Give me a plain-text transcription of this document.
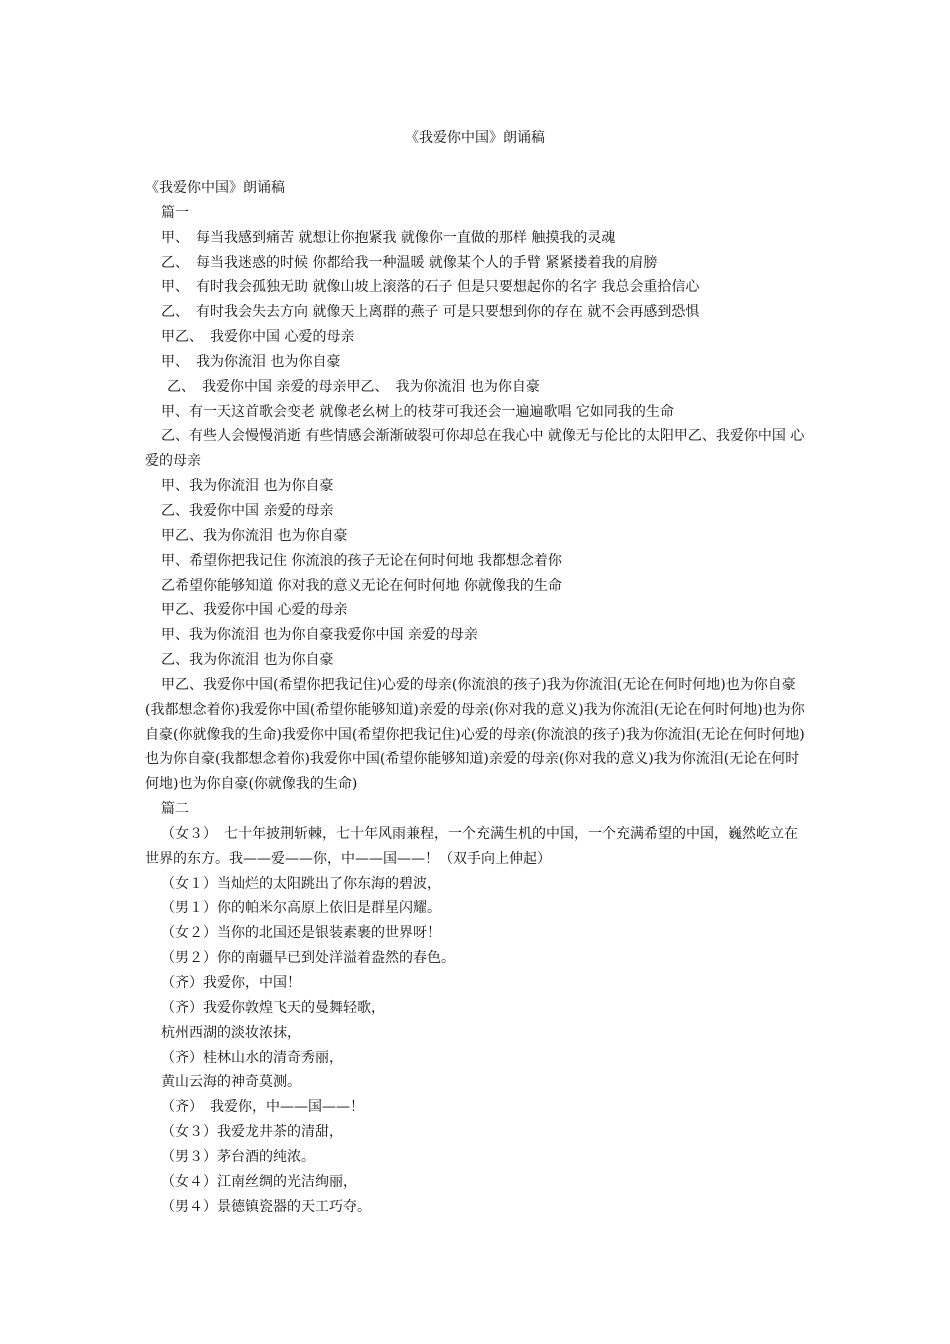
《我爱你中国》朗诵稿
《我爱你中国》朗诵稿
篇一
甲、　每当我感到痛苦 就想让你抱紧我 就像你一直做的那样 触摸我的灵魂
乙、　每当我迷惑的时候 你都给我一种温暖 就像某个人的手臂 紧紧搂着我的肩膀
甲、　有时我会孤独无助 就像山坡上滚落的石子 但是只要想起你的名字 我总会重拾信心
乙、　有时我会失去方向 就像天上离群的燕子 可是只要想到你的存在 就不会再感到恐惧
甲乙、　我爱你中国 心爱的母亲
甲、　我为你流泪 也为你自豪
乙、　我爱你中国 亲爱的母亲甲乙、　我为你流泪 也为你自豪
甲、有一天这首歌会变老 就像老幺树上的枝芽可我还会一遍遍歌唱 它如同我的生命
乙、有些人会慢慢消逝 有些情感会渐渐破裂可你却总在我心中 就像无与伦比的太阳甲乙、我爱你中国 心爱的母亲
甲、我为你流泪 也为你自豪
乙、我爱你中国 亲爱的母亲
甲乙、我为你流泪 也为你自豪
甲、希望你把我记住 你流浪的孩子无论在何时何地 我都想念着你
乙希望你能够知道 你对我的意义无论在何时何地 你就像我的生命
甲乙、我爱你中国 心爱的母亲
甲、我为你流泪 也为你自豪我爱你中国 亲爱的母亲
乙、我为你流泪 也为你自豪
甲乙、我爱你中国(希望你把我记住)心爱的母亲(你流浪的孩子)我为你流泪(无论在何时何地)也为你自豪(我都想念着你)我爱你中国(希望你能够知道)亲爱的母亲(你对我的意义)我为你流泪(无论在何时何地)也为你自豪(你就像我的生命)我爱你中国(希望你把我记住)心爱的母亲(你流浪的孩子)我为你流泪(无论在何时何地)也为你自豪(我都想念着你)我爱你中国(希望你能够知道)亲爱的母亲(你对我的意义)我为你流泪(无论在何时何地)也为你自豪(你就像我的生命)
篇二
（女３）　七十年披荆斩棘，七十年风雨兼程，一个充满生机的中国，一个充满希望的中国，巍然屹立在世界的东方。我——爱——你，中——国——！（双手向上伸起）
（女１）当灿烂的太阳跳出了你东海的碧波，
（男１）你的帕米尔高原上依旧是群星闪耀。
（女２）当你的北国还是银装素裹的世界呀！
（男２）你的南疆早已到处洋溢着盎然的春色。
（齐）我爱你，中国！
（齐）我爱你敦煌飞天的曼舞轻歌，
杭州西湖的淡妆浓抹，
（齐）桂林山水的清奇秀丽，
黄山云海的神奇莫测。
（齐）　我爱你，中——国——！
（女３）我爱龙井茶的清甜，
（男３）茅台酒的纯浓。
（女４）江南丝绸的光洁绚丽，
（男４）景德镇瓷器的天工巧夺。
